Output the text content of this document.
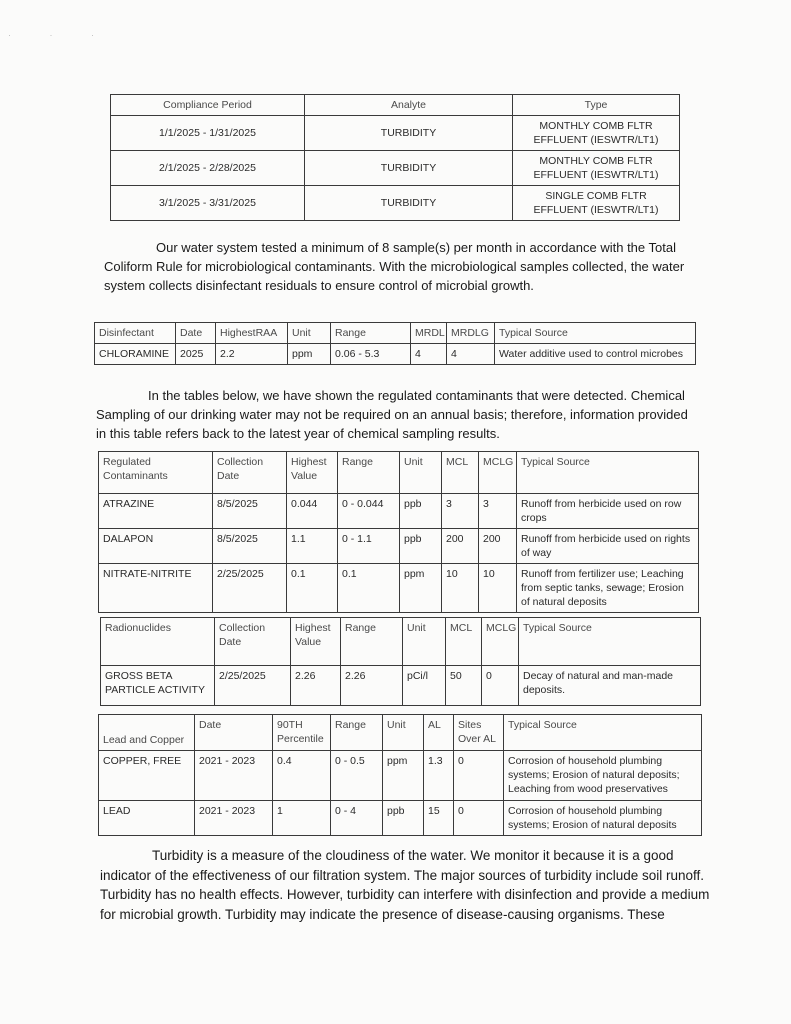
· · ·
Compliance Period	Analyte	Type
1/1/2025 - 1/31/2025	TURBIDITY	MONTHLY COMB FLTR EFFLUENT (IESWTR/LT1)
2/1/2025 - 2/28/2025	TURBIDITY	MONTHLY COMB FLTR EFFLUENT (IESWTR/LT1)
3/1/2025 - 3/31/2025	TURBIDITY	SINGLE COMB FLTR EFFLUENT (IESWTR/LT1)

Our water system tested a minimum of 8 sample(s) per month in accordance with the Total Coliform Rule for microbiological contaminants. With the microbiological samples collected, the water system collects disinfectant residuals to ensure control of microbial growth.

Disinfectant	Date	HighestRAA	Unit	Range	MRDL	MRDLG	Typical Source
CHLORAMINE	2025	2.2	ppm	0.06 - 5.3	4	4	Water additive used to control microbes

In the tables below, we have shown the regulated contaminants that were detected. Chemical Sampling of our drinking water may not be required on an annual basis; therefore, information provided in this table refers back to the latest year of chemical sampling results.

Regulated Contaminants	Collection Date	Highest Value	Range	Unit	MCL	MCLG	Typical Source
ATRAZINE	8/5/2025	0.044	0 - 0.044	ppb	3	3	Runoff from herbicide used on row crops
DALAPON	8/5/2025	1.1	0 - 1.1	ppb	200	200	Runoff from herbicide used on rights of way
NITRATE-NITRITE	2/25/2025	0.1	0.1	ppm	10	10	Runoff from fertilizer use; Leaching from septic tanks, sewage; Erosion of natural deposits
Radionuclides	Collection Date	Highest Value	Range	Unit	MCL	MCLG	Typical Source
GROSS BETA PARTICLE ACTIVITY	2/25/2025	2.26	2.26	pCi/l	50	0	Decay of natural and man-made deposits.
Lead and Copper	Date	90TH Percentile	Range	Unit	AL	Sites Over AL	Typical Source
COPPER, FREE	2021 - 2023	0.4	0 - 0.5	ppm	1.3	0	Corrosion of household plumbing systems; Erosion of natural deposits; Leaching from wood preservatives
LEAD	2021 - 2023	1	0 - 4	ppb	15	0	Corrosion of household plumbing systems; Erosion of natural deposits

Turbidity is a measure of the cloudiness of the water. We monitor it because it is a good indicator of the effectiveness of our filtration system. The major sources of turbidity include soil runoff. Turbidity has no health effects. However, turbidity can interfere with disinfection and provide a medium for microbial growth. Turbidity may indicate the presence of disease-causing organisms. These
